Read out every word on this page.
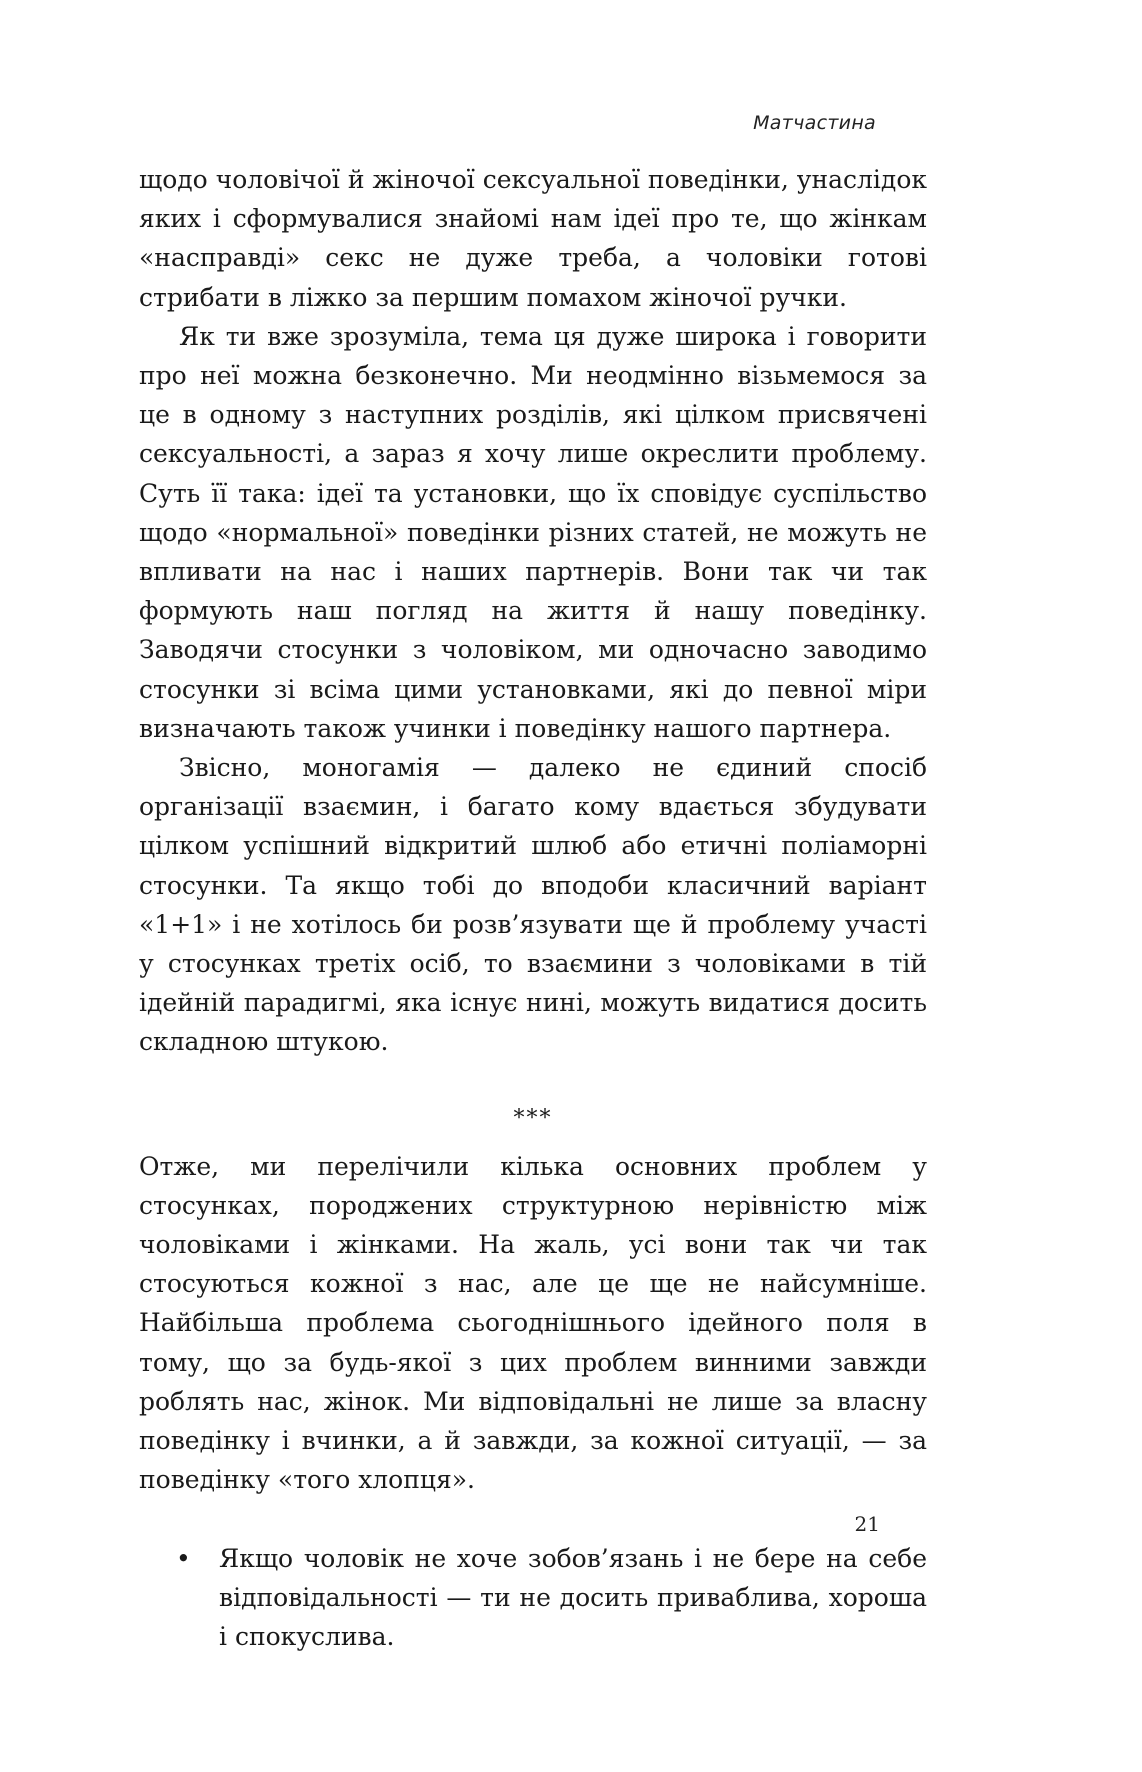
Матчастина

щодо чоловічої й жіночої сексуальної поведінки, унаслідок яких і сформувалися знайомі нам ідеї про те, що жінкам «насправді» секс не дуже треба, а чоловіки готові стрибати в ліжко за першим помахом жіночої ручки.

Як ти вже зрозуміла, тема ця дуже широка і говорити про неї можна безконечно. Ми неодмінно візьмемося за це в одному з наступних розділів, які цілком присвячені сексуальності, а зараз я хочу лише окреслити проблему. Суть її така: ідеї та установки, що їх сповідує суспільство щодо «нормальної» поведінки різних статей, не можуть не впливати на нас і наших партнерів. Вони так чи так формують наш погляд на життя й нашу поведінку. Заводячи стосунки з чоловіком, ми одночасно заводимо стосунки зі всіма цими установками, які до певної міри визначають також учинки і поведінку нашого партнера.

Звісно, моногамія — далеко не єдиний спосіб організації взаємин, і багато кому вдається збудувати цілком успішний відкритий шлюб або етичні поліаморні стосунки. Та якщо тобі до вподоби класичний варіант «1+1» і не хотілось би розв’язувати ще й проблему участі у стосунках третіх осіб, то взаємини з чоловіками в тій ідейній парадигмі, яка існує нині, можуть видатися досить складною штукою.

***

Отже, ми перелічили кілька основних проблем у стосунках, породжених структурною нерівністю між чоловіками і жінками. На жаль, усі вони так чи так стосуються кожної з нас, але це ще не найсумніше. Найбільша проблема сьогоднішнього ідейного поля в тому, що за будь-якої з цих проблем винними завжди роблять нас, жінок. Ми відповідальні не лише за власну поведінку і вчинки, а й завжди, за кожної ситуації, — за поведінку «того хлопця».

• Якщо чоловік не хоче зобов’язань і не бере на себе відповідальності — ти не досить приваблива, хороша і спокуслива.
21
